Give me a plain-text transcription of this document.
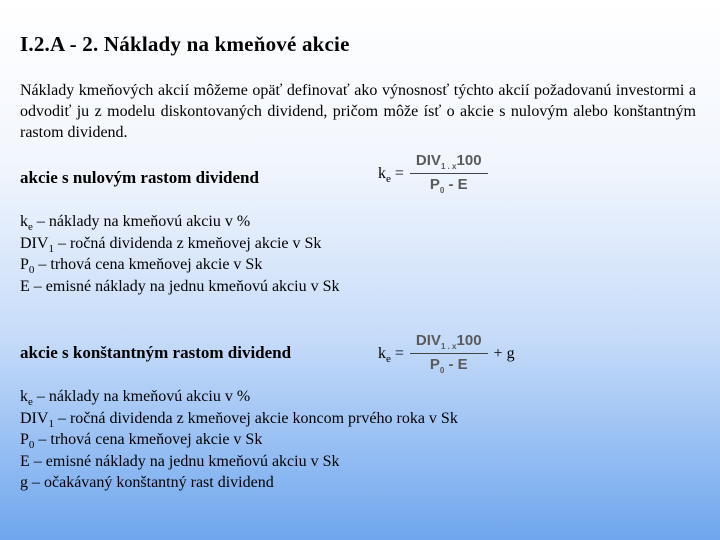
I.2.A - 2. Náklady na kmeňové akcie
Náklady kmeňových akcií môžeme opäť definovať ako výnosnosť týchto akcií požadovanú investormi a odvodiť ju z modelu diskontovaných dividend, pričom môže ísť o akcie s nulovým alebo konštantným rastom dividend.
akcie s nulovým rastom dividend	$k_e = \frac{DIV_{1 . x}100}{P_0 - E}$
$k_e$ – náklady na kmeňovú akciu v %
$DIV_1$ – ročná dividenda z kmeňovej akcie v Sk
$P_0$ – trhová cena kmeňovej akcie v Sk
E – emisné náklady na jednu kmeňovú akciu v Sk
akcie s konštantným rastom dividend	$k_e = \frac{DIV_{1 . x}100}{P_0 - E} + g$
$k_e$ – náklady na kmeňovú akciu v %
$DIV_1$ – ročná dividenda z kmeňovej akcie koncom prvého roka v Sk
$P_0$ – trhová cena kmeňovej akcie v Sk
E – emisné náklady na jednu kmeňovú akciu v Sk
g – očakávaný konštantný rast dividend
